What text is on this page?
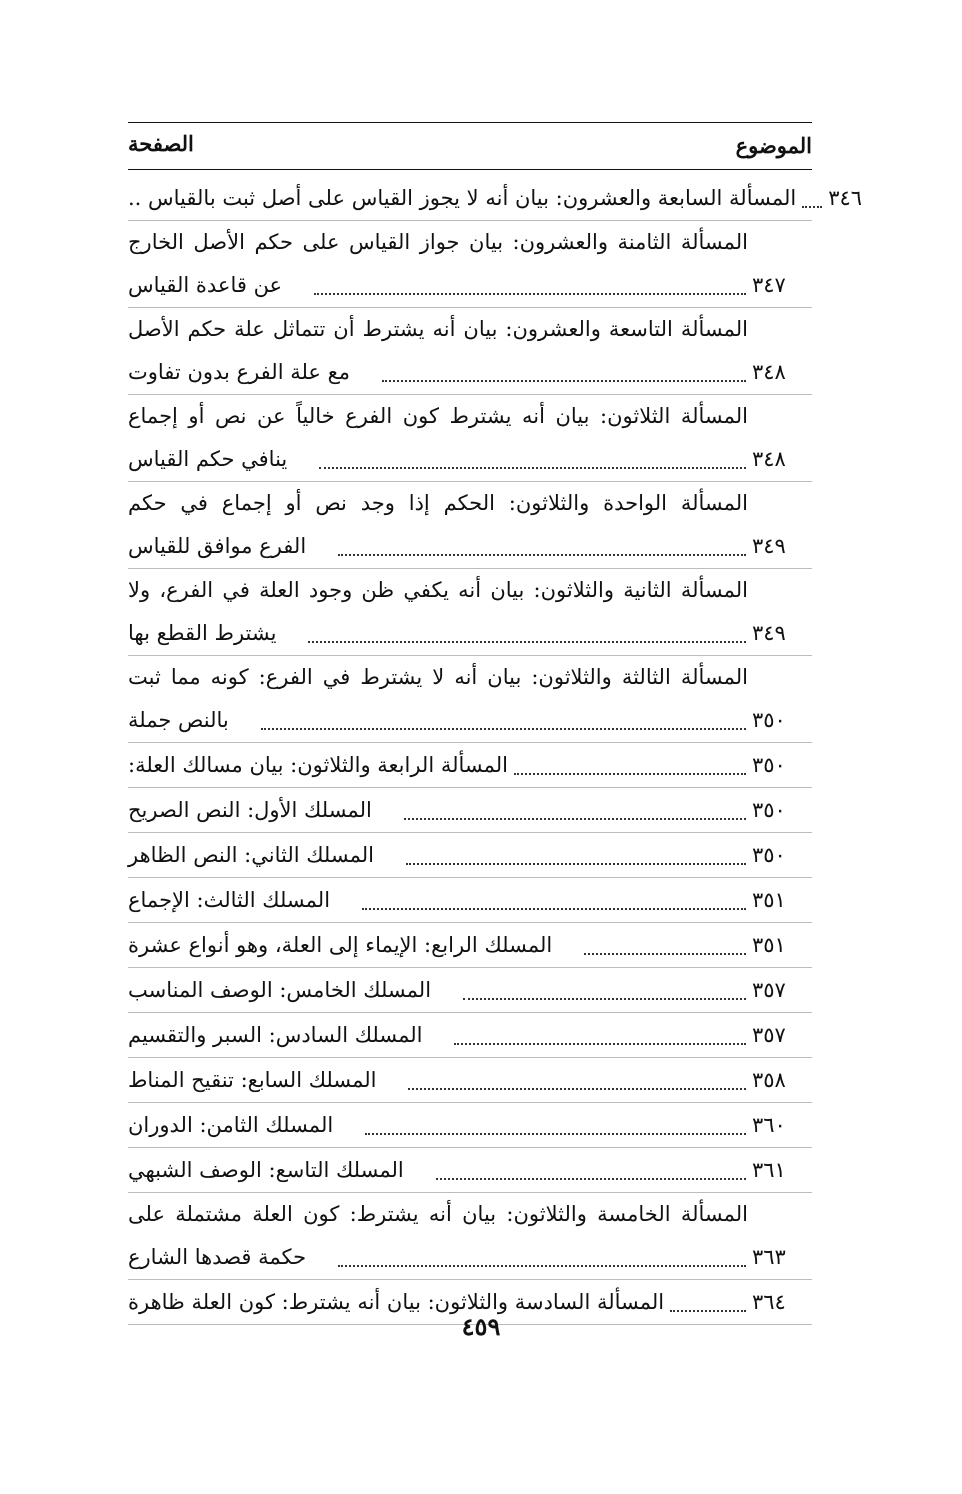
الموضوع
الصفحة
المسألة السابعة والعشرون: بيان أنه لا يجوز القياس على أصل ثبت بالقياس .. ٣٤٦
المسألة الثامنة والعشرون: بيان جواز القياس على حكم الأصل الخارج
عن قاعدة القياس	٣٤٧
المسألة التاسعة والعشرون: بيان أنه يشترط أن تتماثل علة حكم الأصل
مع علة الفرع بدون تفاوت	٣٤٨
المسألة الثلاثون: بيان أنه يشترط كون الفرع خالياً عن نص أو إجماع
ينافي حكم القياس	٣٤٨
المسألة الواحدة والثلاثون: الحكم إذا وجد نص أو إجماع في حكم
الفرع موافق للقياس	٣٤٩
المسألة الثانية والثلاثون: بيان أنه يكفي ظن وجود العلة في الفرع، ولا
يشترط القطع بها	٣٤٩
المسألة الثالثة والثلاثون: بيان أنه لا يشترط في الفرع: كونه مما ثبت
بالنص جملة	٣٥٠
المسألة الرابعة والثلاثون: بيان مسالك العلة:	٣٥٠
المسلك الأول: النص الصريح	٣٥٠
المسلك الثاني: النص الظاهر	٣٥٠
المسلك الثالث: الإجماع	٣٥١
المسلك الرابع: الإيماء إلى العلة، وهو أنواع عشرة	٣٥١
المسلك الخامس: الوصف المناسب	٣٥٧
المسلك السادس: السبر والتقسيم	٣٥٧
المسلك السابع: تنقيح المناط	٣٥٨
المسلك الثامن: الدوران	٣٦٠
المسلك التاسع: الوصف الشبهي	٣٦١
المسألة الخامسة والثلاثون: بيان أنه يشترط: كون العلة مشتملة على
حكمة قصدها الشارع	٣٦٣
المسألة السادسة والثلاثون: بيان أنه يشترط: كون العلة ظاهرة	٣٦٤
٤٥٩
